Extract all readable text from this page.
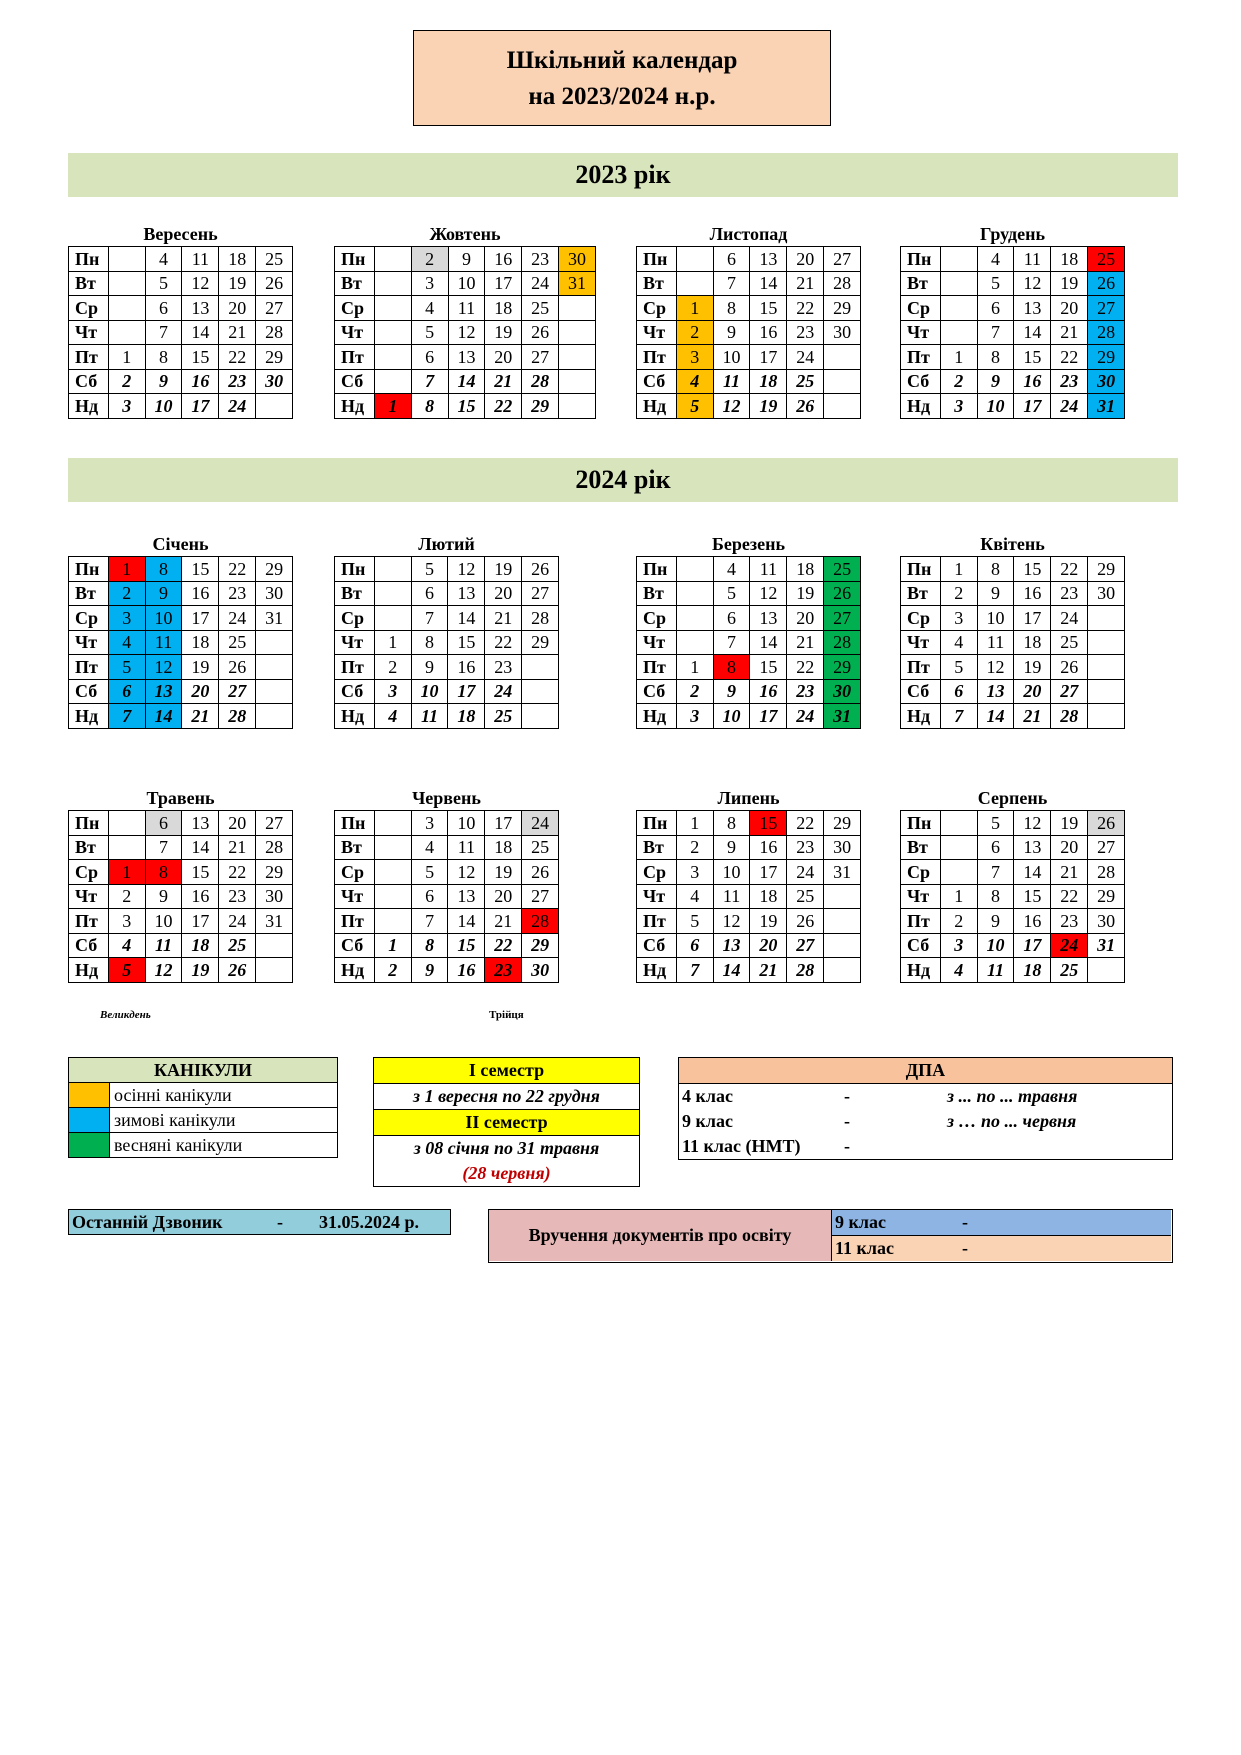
Шкільний календар
на 2023/2024 н.р.
2023 рік
2024 рік
Вересень
Пн		4	11	18	25
Вт		5	12	19	26
Ср		6	13	20	27
Чт		7	14	21	28
Пт	1	8	15	22	29
Сб	2	9	16	23	30
Нд	3	10	17	24	
Жовтень
Пн		2	9	16	23	30
Вт		3	10	17	24	31
Ср		4	11	18	25	
Чт		5	12	19	26	
Пт		6	13	20	27	
Сб		7	14	21	28	
Нд	1	8	15	22	29	
Листопад
Пн		6	13	20	27
Вт		7	14	21	28
Ср	1	8	15	22	29
Чт	2	9	16	23	30
Пт	3	10	17	24	
Сб	4	11	18	25	
Нд	5	12	19	26	
Грудень
Пн		4	11	18	25
Вт		5	12	19	26
Ср		6	13	20	27
Чт		7	14	21	28
Пт	1	8	15	22	29
Сб	2	9	16	23	30
Нд	3	10	17	24	31
Січень
Пн	1	8	15	22	29
Вт	2	9	16	23	30
Ср	3	10	17	24	31
Чт	4	11	18	25	
Пт	5	12	19	26	
Сб	6	13	20	27	
Нд	7	14	21	28	
Лютий
Пн		5	12	19	26
Вт		6	13	20	27
Ср		7	14	21	28
Чт	1	8	15	22	29
Пт	2	9	16	23	
Сб	3	10	17	24	
Нд	4	11	18	25	
Березень
Пн		4	11	18	25
Вт		5	12	19	26
Ср		6	13	20	27
Чт		7	14	21	28
Пт	1	8	15	22	29
Сб	2	9	16	23	30
Нд	3	10	17	24	31
Квітень
Пн	1	8	15	22	29
Вт	2	9	16	23	30
Ср	3	10	17	24	
Чт	4	11	18	25	
Пт	5	12	19	26	
Сб	6	13	20	27	
Нд	7	14	21	28	
Травень
Пн		6	13	20	27
Вт		7	14	21	28
Ср	1	8	15	22	29
Чт	2	9	16	23	30
Пт	3	10	17	24	31
Сб	4	11	18	25	
Нд	5	12	19	26	
Червень
Пн		3	10	17	24
Вт		4	11	18	25
Ср		5	12	19	26
Чт		6	13	20	27
Пт		7	14	21	28
Сб	1	8	15	22	29
Нд	2	9	16	23	30
Липень
Пн	1	8	15	22	29
Вт	2	9	16	23	30
Ср	3	10	17	24	31
Чт	4	11	18	25	
Пт	5	12	19	26	
Сб	6	13	20	27	
Нд	7	14	21	28	
Серпень
Пн		5	12	19	26
Вт		6	13	20	27
Ср		7	14	21	28
Чт	1	8	15	22	29
Пт	2	9	16	23	30
Сб	3	10	17	24	31
Нд	4	11	18	25	
Великдень	Трійця
КАНІКУЛИ	
	осінні канікули
	зимові канікули
	весняні канікули
І семестр
з 1 вересня по 22 грудня
ІІ семестр
з 08 січня по 31 травня
(28 червня)
ДПА
4 клас	-	з ... по ... травня
9 клас	-	з … по ... червня
11 клас (НМТ) -
Останній Дзвоник	- 31.05.2024 р.
Вручення документів про освіту
9 клас	-
11 клас	-
